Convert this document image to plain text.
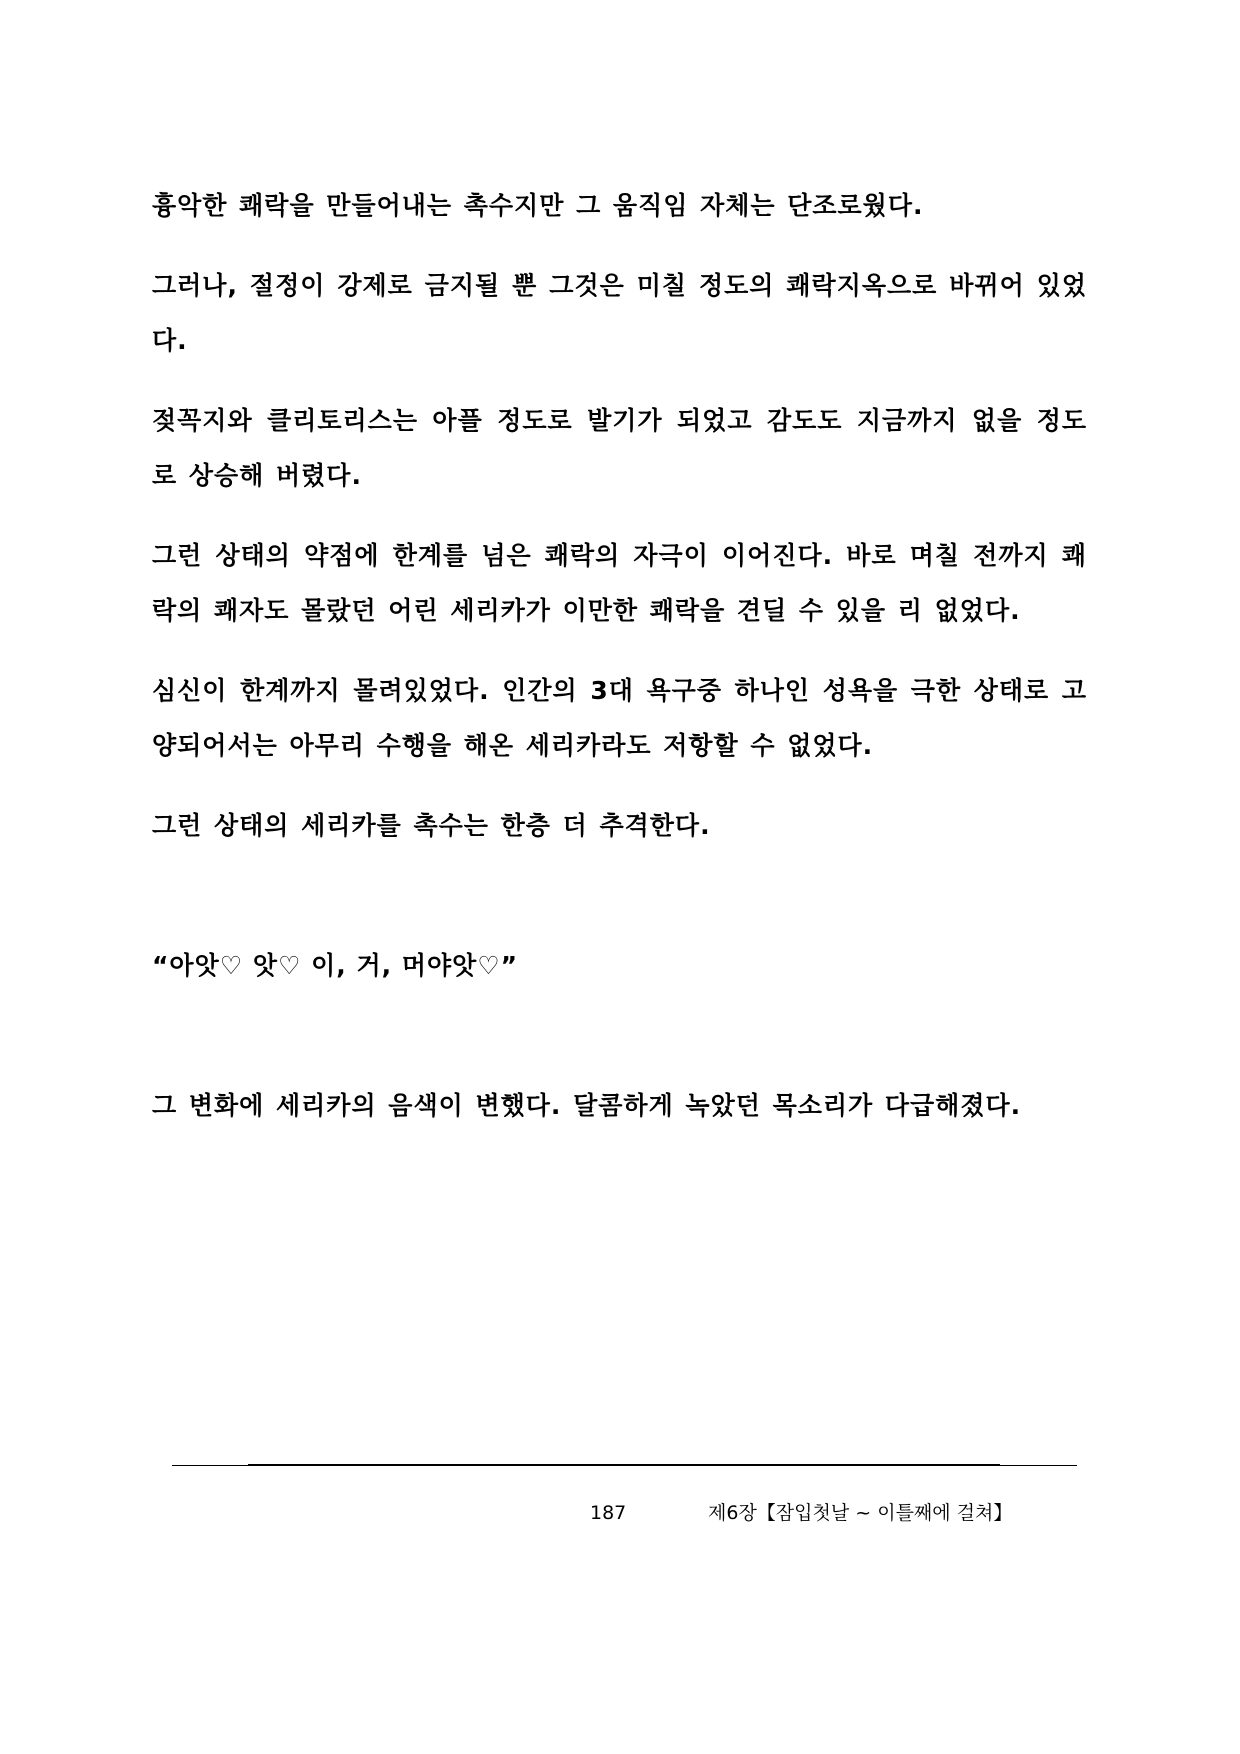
흉악한 쾌락을 만들어내는 촉수지만 그 움직임 자체는 단조로웠다.

그러나, 절정이 강제로 금지될 뿐 그것은 미칠 정도의 쾌락지옥으로 바뀌어 있었다.

젖꼭지와 클리토리스는 아플 정도로 발기가 되었고 감도도 지금까지 없을 정도로 상승해 버렸다.

그런 상태의 약점에 한계를 넘은 쾌락의 자극이 이어진다. 바로 며칠 전까지 쾌락의 쾌자도 몰랐던 어린 세리카가 이만한 쾌락을 견딜 수 있을 리 없었다.

심신이 한계까지 몰려있었다. 인간의 3대 욕구중 하나인 성욕을 극한 상태로 고양되어서는 아무리 수행을 해온 세리카라도 저항할 수 없었다.

그런 상태의 세리카를 촉수는 한층 더 추격한다.

“아앗♡ 앗♡ 이, 거, 머야앗♡”

그 변화에 세리카의 음색이 변했다. 달콤하게 녹았던 목소리가 다급해졌다.

187	제6장【잠입첫날 ~ 이틀째에 걸쳐】
